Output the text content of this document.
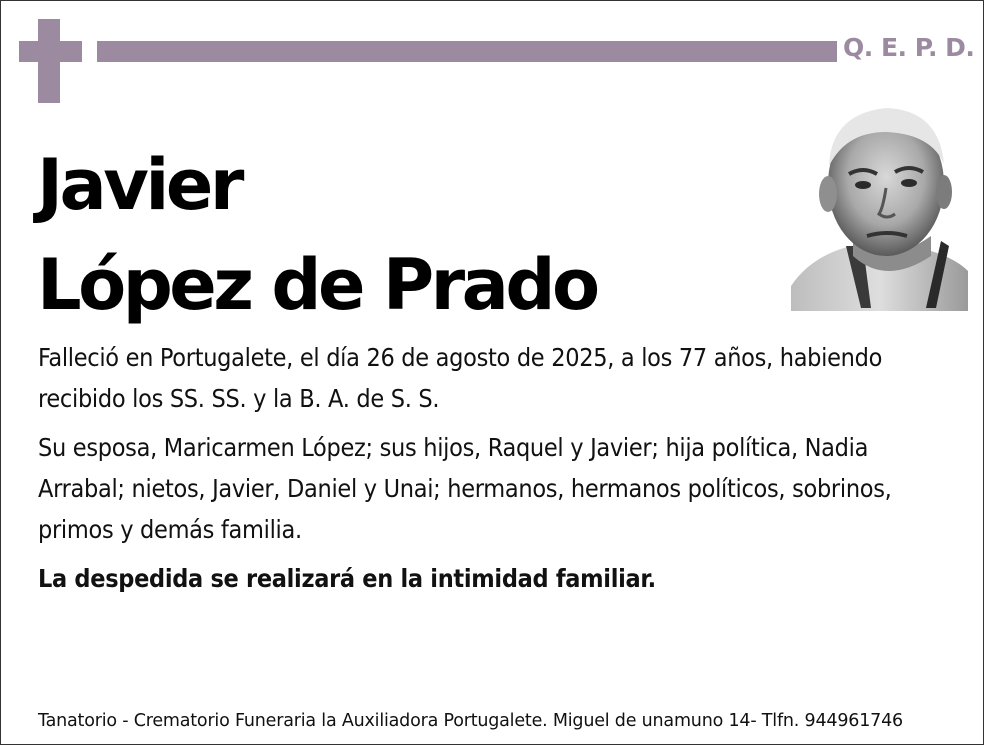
Q. E. P. D.
Javier
López de Prado

Falleció en Portugalete, el día 26 de agosto de 2025, a los 77 años, habiendo recibido los SS. SS. y la B. A. de S. S.

Su esposa, Maricarmen López; sus hijos, Raquel y Javier; hija política, Nadia Arrabal; nietos, Javier, Daniel y Unai; hermanos, hermanos políticos, sobrinos, primos y demás familia.

La despedida se realizará en la intimidad familiar.

Tanatorio - Crematorio Funeraria la Auxiliadora Portugalete. Miguel de unamuno 14- Tlfn. 944961746
